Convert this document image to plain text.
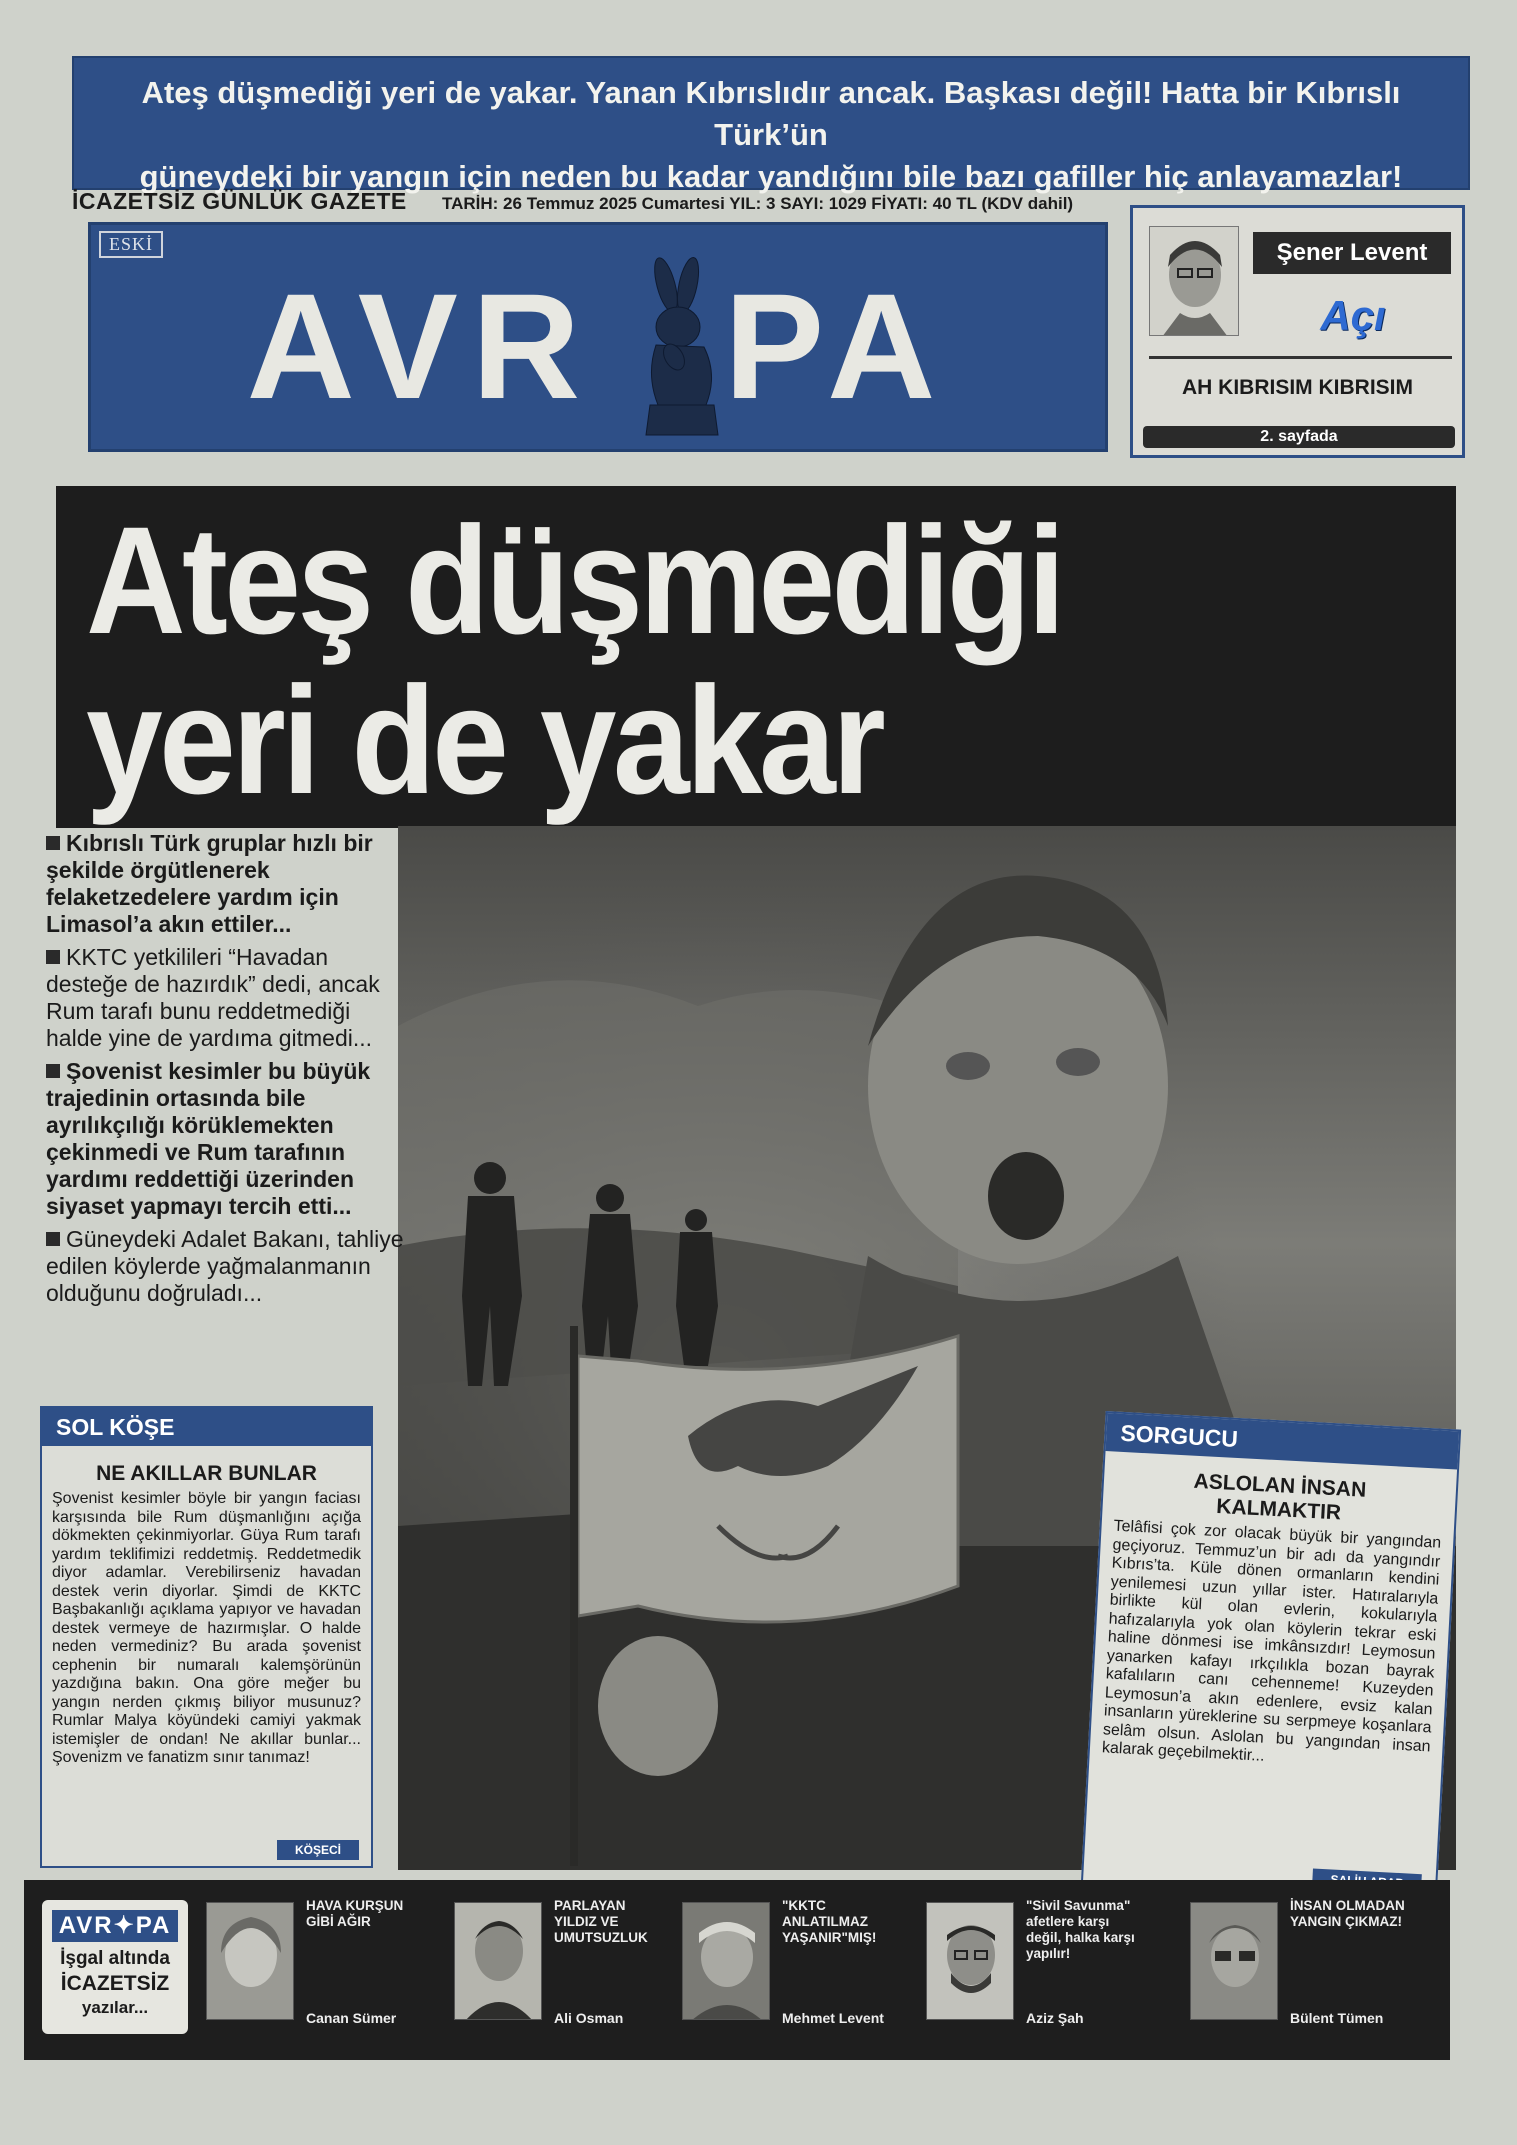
Ateş düşmediği yeri de yakar. Yanan Kıbrıslıdır ancak. Başkası değil! Hatta bir Kıbrıslı Türk’ün
güneydeki bir yangın için neden bu kadar yandığını bile bazı gafiller hiç anlayamazlar!
İCAZETSİZ GÜNLÜK GAZETE TARİH: 26 Temmuz 2025 Cumartesi YIL: 3 SAYI: 1029 FİYATI: 40 TL (KDV dahil)
ESKİ
AVR PA
Şener Levent
Açı
AH KIBRISIM KIBRISIM
2. sayfada
Ateş düşmediği
yeri de yakar

Kıbrıslı Türk gruplar hızlı bir şekilde örgütlenerek felaketzedelere yardım için Limasol’a akın ettiler...

KKTC yetkilileri “Havadan desteğe de hazırdık” dedi, ancak Rum tarafı bunu reddetmediği halde yine de yardıma gitmedi...

Şovenist kesimler bu büyük trajedinin ortasında bile ayrılıkçılığı körüklemekten çekinmedi ve Rum tarafının yardımı reddettiği üzerinden siyaset yapmayı tercih etti...

Güneydeki Adalet Bakanı, tahliye edilen köylerde yağmalanmanın olduğunu doğruladı...

SOL KÖŞE
NE AKILLAR BUNLAR
Şovenist kesimler böyle bir yangın faciası karşısında bile Rum düşmanlığını açığa dökmekten çekinmiyorlar. Güya Rum tarafı yardım teklifimizi reddetmiş. Reddetmedik diyor adamlar. Verebilirseniz havadan destek verin diyorlar. Şimdi de KKTC Başbakanlığı açıklama yapıyor ve havadan destek vermeye de hazırmışlar. O halde neden vermediniz? Bu arada şovenist cephenin bir numaralı kalemşörünün yazdığına bakın. Ona göre meğer bu yangın nerden çıkmış biliyor musunuz? Rumlar Malya köyündeki camiyi yakmak istemişler de ondan! Ne akıllar bunlar... Şovenizm ve fanatizm sınır tanımaz!
KÖŞECİ
SORGUCU
ASLOLAN İNSAN KALMAKTIR
Telâfisi çok zor olacak büyük bir yangından geçiyoruz. Temmuz’un bir adı da yangındır Kıbrıs’ta. Küle dönen ormanların kendini yenilemesi uzun yıllar ister. Hatıralarıyla birlikte kül olan evlerin, kokularıyla hafızalarıyla yok olan köylerin tekrar eski haline dönmesi ise imkânsızdır! Leymosun yanarken kafayı ırkçılıkla bozan bayrak kafalıların canı cehenneme! Kuzeyden Leymosun’a akın edenlere, evsiz kalan insanların yüreklerine su serpmeye koşanlara selâm olsun. Aslolan bu yangından insan kalarak geçebilmektir...
AVR✦PA
İşgal altında
İCAZETSİZ
yazılar...
HAVA KURŞUN GİBİ AĞIR
Canan Sümer
PARLAYAN YILDIZ VE UMUTSUZLUK
Ali Osman
"KKTC ANLATILMAZ YAŞANIR"MIŞ!
Mehmet Levent
"Sivil Savunma" afetlere karşı değil, halka karşı yapılır!
Aziz Şah
İNSAN OLMADAN YANGIN ÇIKMAZ!
Bülent Tümen
